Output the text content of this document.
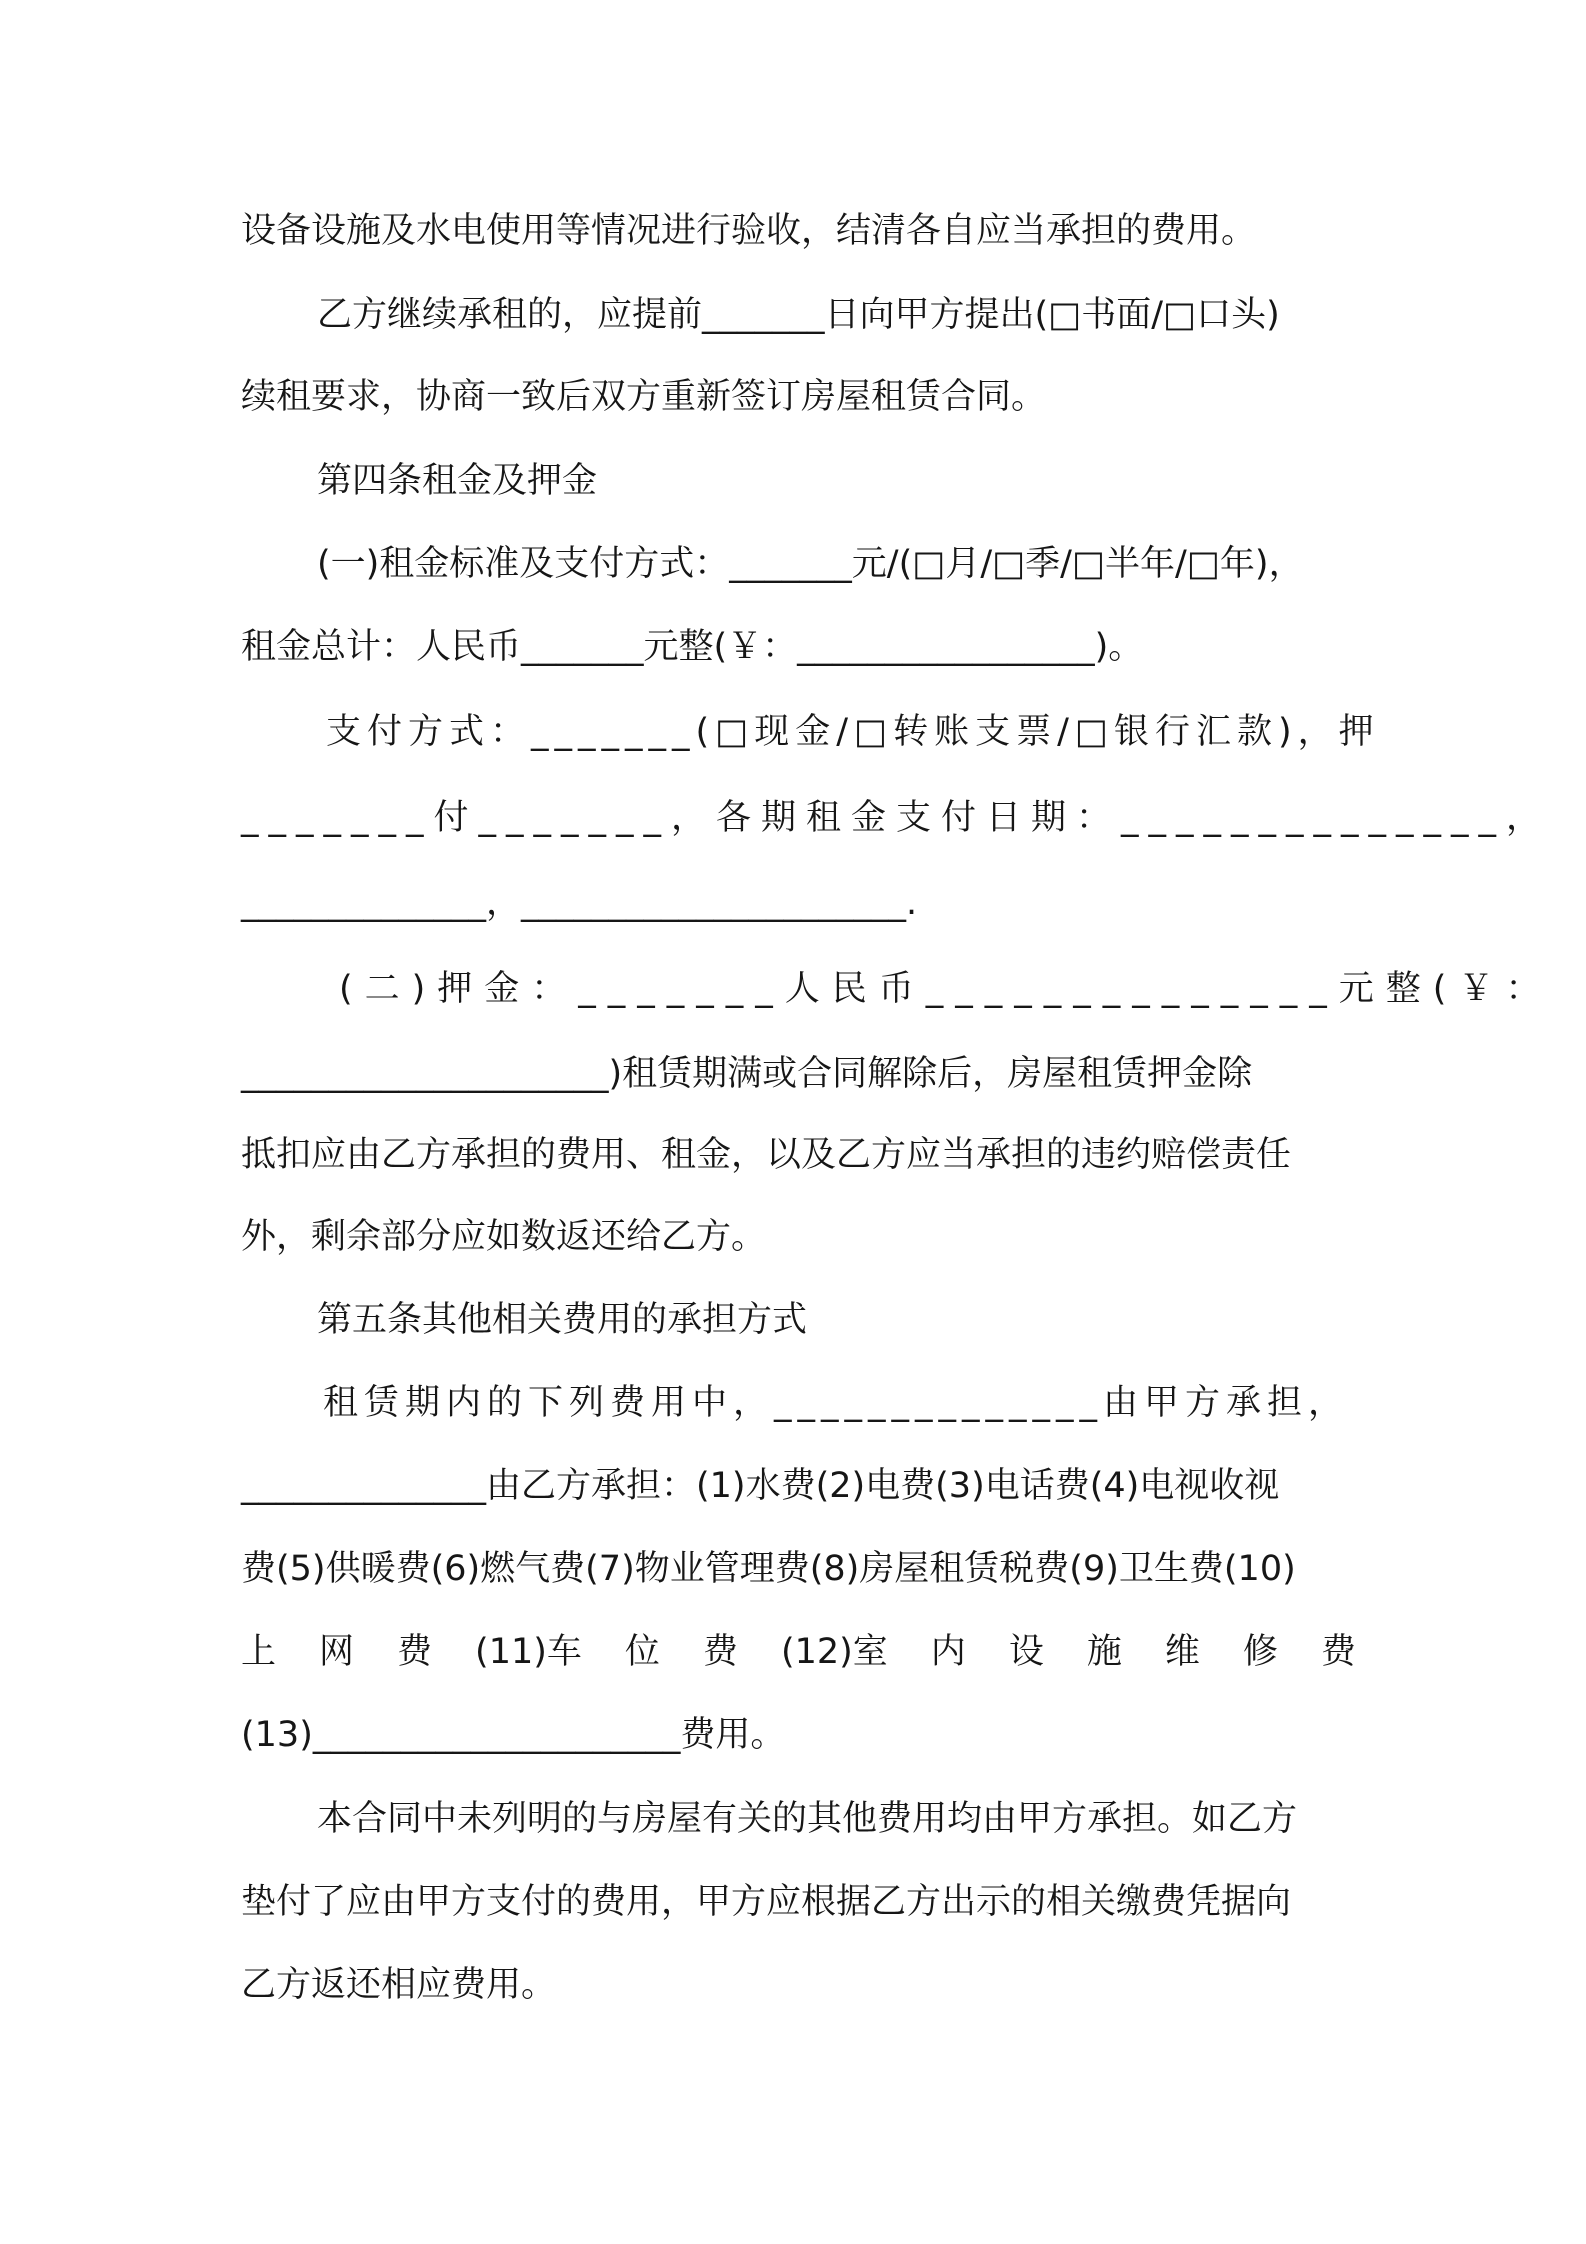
设备设施及水电使用等情况进行验收，结清各自应当承担的费用。
乙方继续承租的，应提前_______日向甲方提出(□书面/□口头)
续租要求，协商一致后双方重新签订房屋租赁合同。
第四条租金及押金
(一)租金标准及支付方式：_______元/(□月/□季/□半年/□年)，
租金总计：人民币_______元整(￥：_________________)。
支付方式：_______(□现金/□转账支票/□银行汇款)，押
_______付_______，各期租金支付日期：______________，
______________，______________________.
(二)押金：_______人民币______________元整(￥：
_____________________)租赁期满或合同解除后，房屋租赁押金除
抵扣应由乙方承担的费用、租金，以及乙方应当承担的违约赔偿责任
外，剩余部分应如数返还给乙方。
第五条其他相关费用的承担方式
租赁期内的下列费用中，______________由甲方承担，
______________由乙方承担：(1)水费(2)电费(3)电话费(4)电视收视
费(5)供暖费(6)燃气费(7)物业管理费(8)房屋租赁税费(9)卫生费(10)
上 网 费 (11)车 位 费 (12)室 内 设 施 维 修 费
(13)_____________________费用。
本合同中未列明的与房屋有关的其他费用均由甲方承担。如乙方
垫付了应由甲方支付的费用，甲方应根据乙方出示的相关缴费凭据向
乙方返还相应费用。
